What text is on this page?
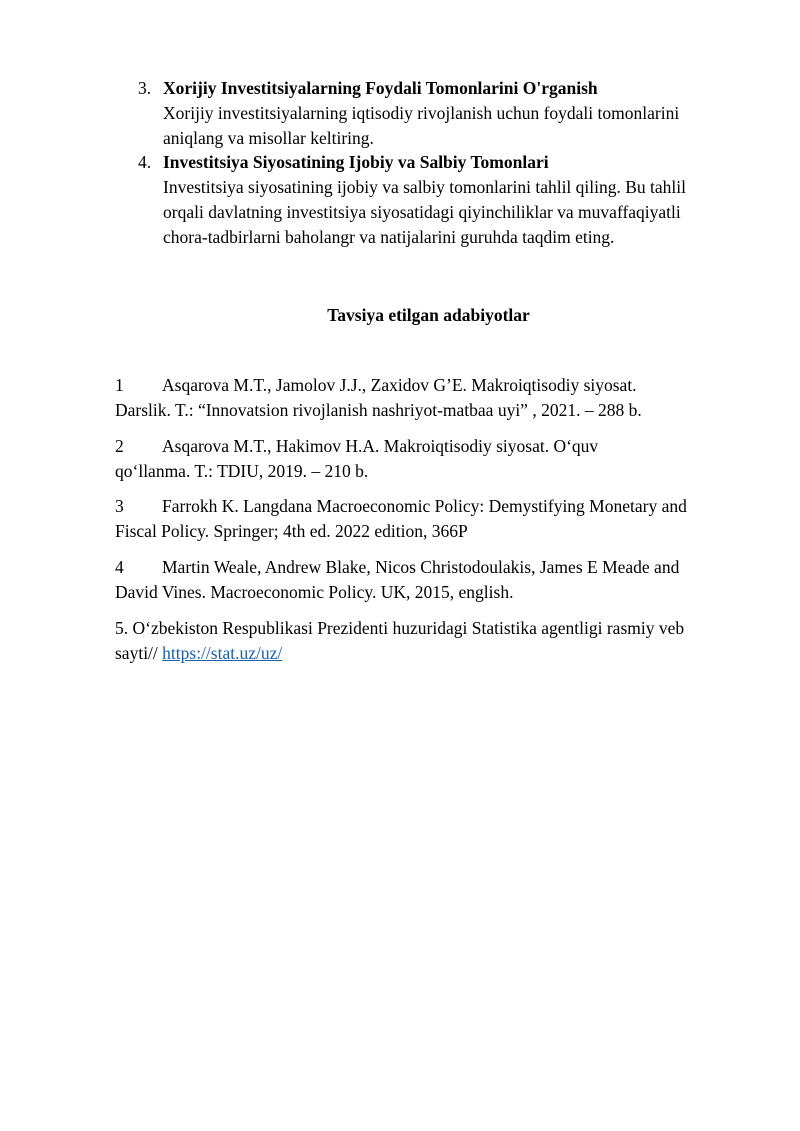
3. Xorijiy Investitsiyalarning Foydali Tomonlarini O'rganish
Xorijiy investitsiyalarning iqtisodiy rivojlanish uchun foydali tomonlarini
aniqlang va misollar keltiring.
4. Investitsiya Siyosatining Ijobiy va Salbiy Tomonlari
Investitsiya siyosatining ijobiy va salbiy tomonlarini tahlil qiling. Bu tahlil
orqali davlatning investitsiya siyosatidagi qiyinchiliklar va muvaffaqiyatli
chora-tadbirlarni baholangr va natijalarini guruhda taqdim eting.
Tavsiya etilgan adabiyotlar
1 Asqarova M.T., Jamolov J.J., Zaxidov G’E. Makroiqtisodiy siyosat.
Darslik. T.: “Innovatsion rivojlanish nashriyot-matbaa uyi” , 2021. – 288 b.
2 Asqarova M.T., Hakimov H.A. Makroiqtisodiy siyosat. O‘quv
qo‘llanma. T.: TDIU, 2019. – 210 b.
3 Farrokh K. Langdana Macroeconomic Policy: Demystifying Monetary and
Fiscal Policy. Springer; 4th ed. 2022 edition, 366P
4 Martin Weale, Andrew Blake, Nicos Christodoulakis, James E Meade and
David Vines. Macroeconomic Policy. UK, 2015, english.
5. O‘zbekiston Respublikasi Prezidenti huzuridagi Statistika agentligi rasmiy veb
sayti// https://stat.uz/uz/
